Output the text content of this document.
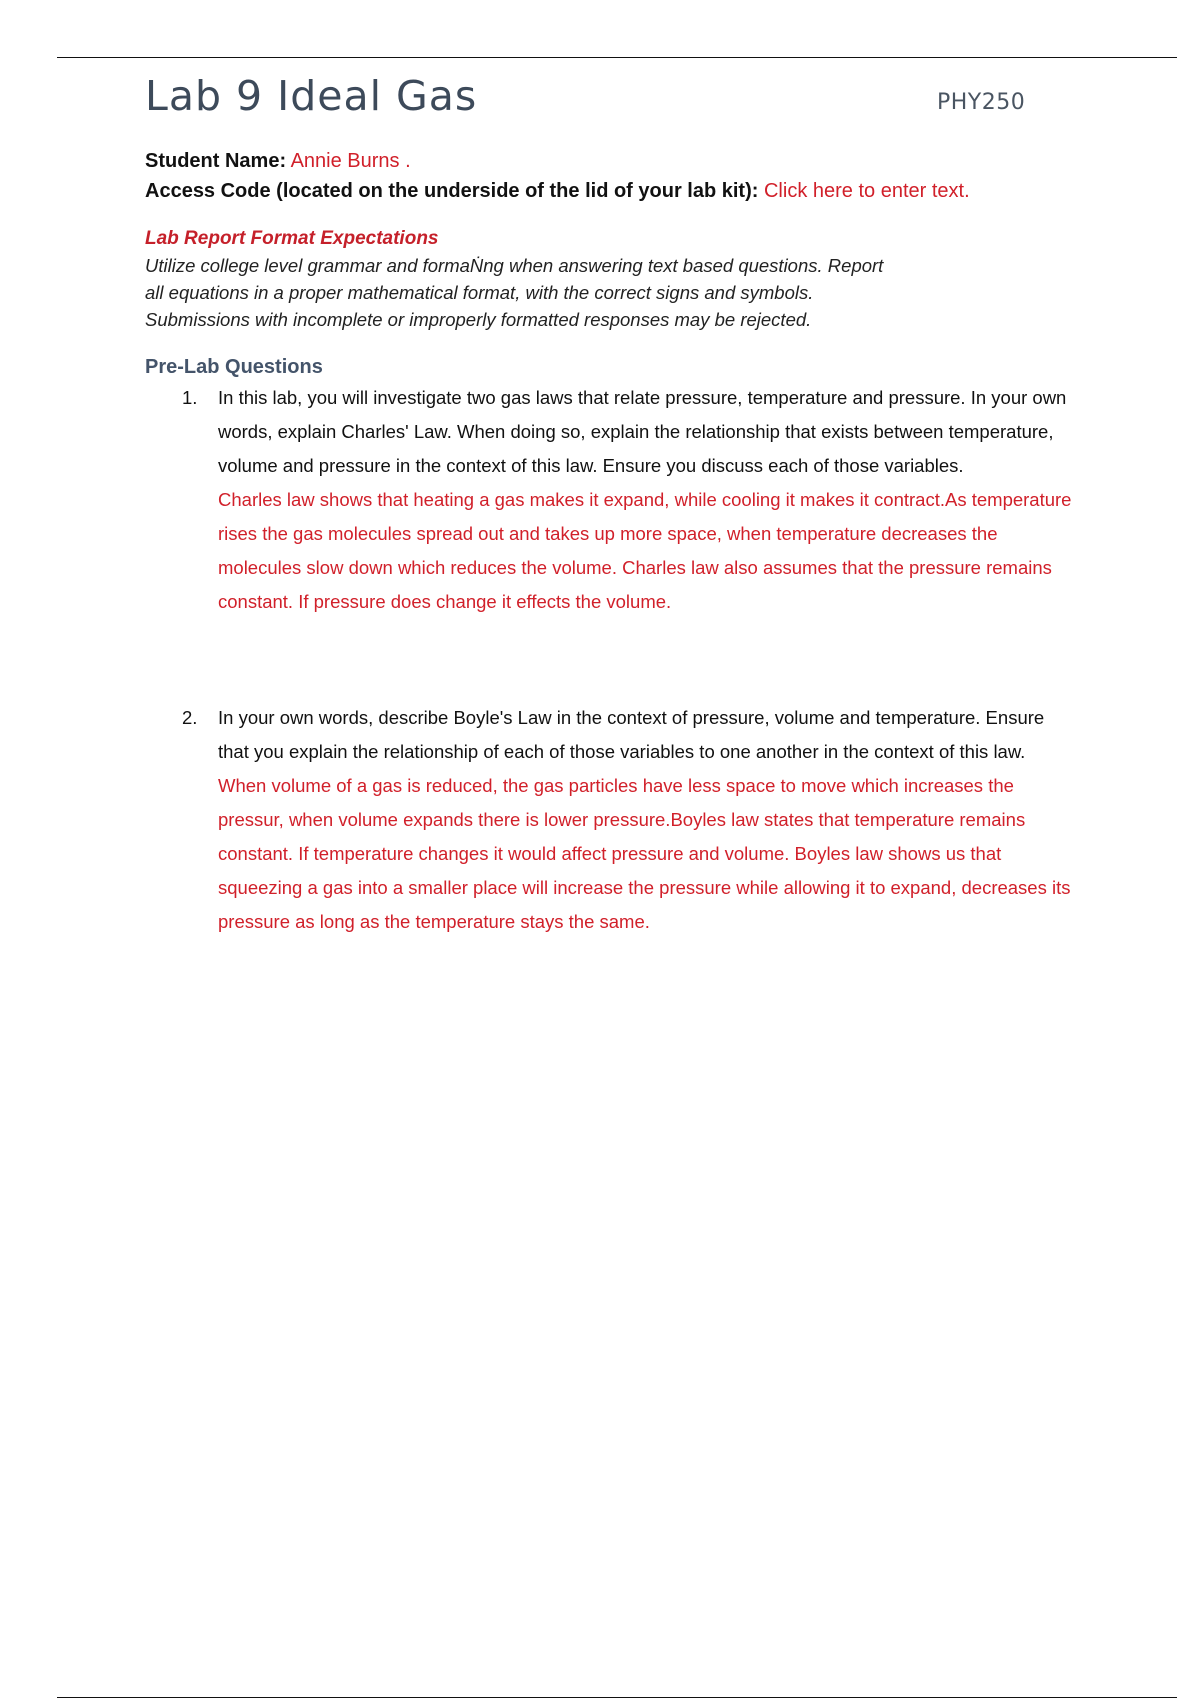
Lab 9 Ideal Gas	PHY250
Student Name: Annie Burns .
Access Code (located on the underside of the lid of your lab kit): Click here to enter text.
Lab Report Format Expectations
Utilize college level grammar and formaṄng when answering text based questions. Report all equations in a proper mathematical format, with the correct signs and symbols. Submissions with incomplete or improperly formatted responses may be rejected.
Pre-Lab Questions
1. In this lab, you will investigate two gas laws that relate pressure, temperature and pressure. In your own words, explain Charles' Law. When doing so, explain the relationship that exists between temperature, volume and pressure in the context of this law. Ensure you discuss each of those variables.
Charles law shows that heating a gas makes it expand, while cooling it makes it contract.As temperature rises the gas molecules spread out and takes up more space, when temperature decreases the molecules slow down which reduces the volume. Charles law also assumes that the pressure remains constant. If pressure does change it effects the volume.
2. In your own words, describe Boyle's Law in the context of pressure, volume and temperature. Ensure that you explain the relationship of each of those variables to one another in the context of this law.
When volume of a gas is reduced, the gas particles have less space to move which increases the pressur, when volume expands there is lower pressure.Boyles law states that temperature remains constant. If temperature changes it would affect pressure and volume. Boyles law shows us that squeezing a gas into a smaller place will increase the pressure while allowing it to expand, decreases its pressure as long as the temperature stays the same.
